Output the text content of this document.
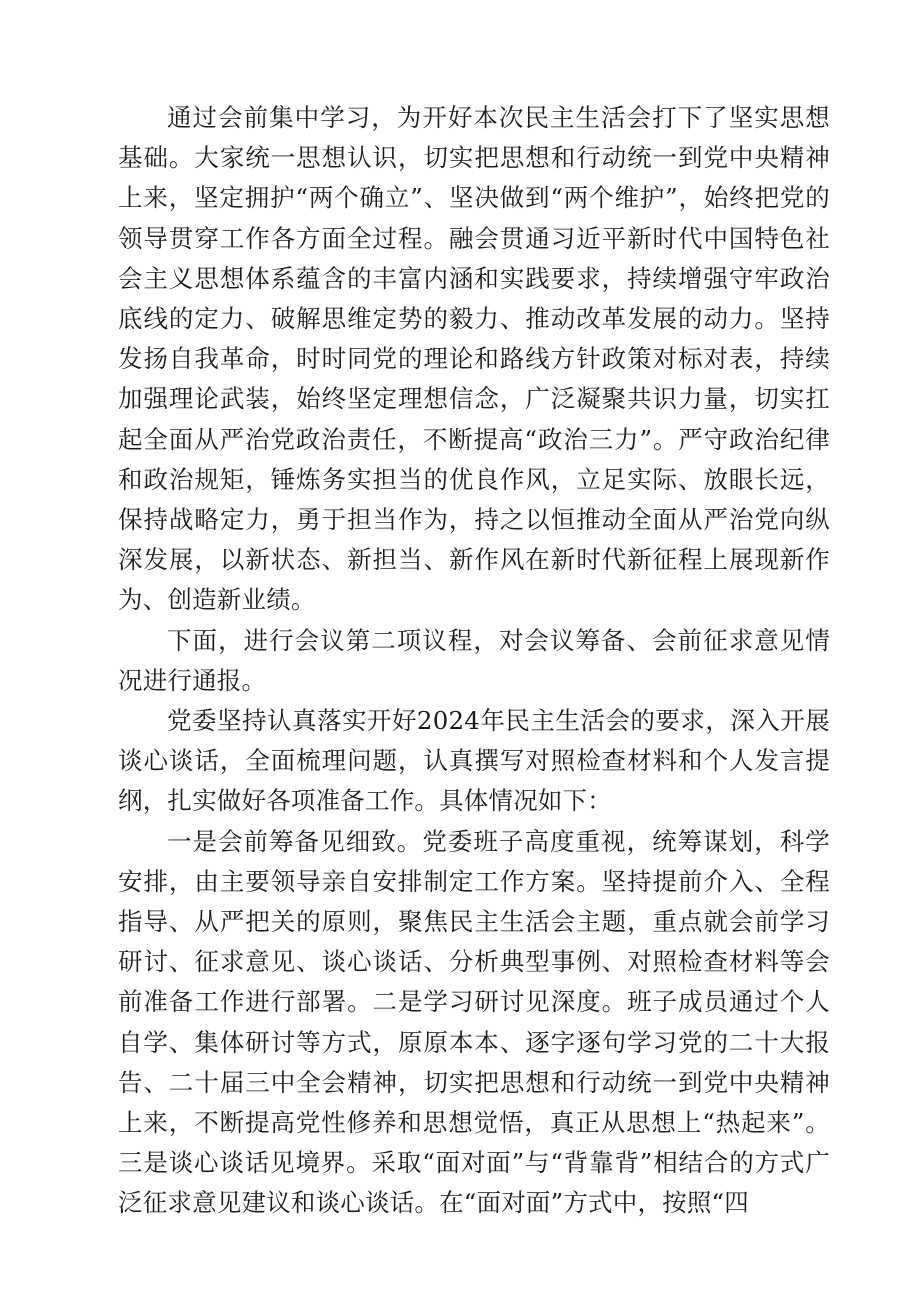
通过会前集中学习，为开好本次民主生活会打下了坚实思想基础。大家统一思想认识，切实把思想和行动统一到党中央精神上来，坚定拥护“两个确立”、坚决做到“两个维护”，始终把党的领导贯穿工作各方面全过程。融会贯通习近平新时代中国特色社会主义思想体系蕴含的丰富内涵和实践要求，持续增强守牢政治底线的定力、破解思维定势的毅力、推动改革发展的动力。坚持发扬自我革命，时时同党的理论和路线方针政策对标对表，持续加强理论武装，始终坚定理想信念，广泛凝聚共识力量，切实扛起全面从严治党政治责任，不断提高“政治三力”。严守政治纪律和政治规矩，锤炼务实担当的优良作风，立足实际、放眼长远，保持战略定力，勇于担当作为，持之以恒推动全面从严治党向纵深发展，以新状态、新担当、新作风在新时代新征程上展现新作为、创造新业绩。

下面，进行会议第二项议程，对会议筹备、会前征求意见情况进行通报。

党委坚持认真落实开好2024年民主生活会的要求，深入开展谈心谈话，全面梳理问题，认真撰写对照检查材料和个人发言提纲，扎实做好各项准备工作。具体情况如下：

一是会前筹备见细致。党委班子高度重视，统筹谋划，科学安排，由主要领导亲自安排制定工作方案。坚持提前介入、全程指导、从严把关的原则，聚焦民主生活会主题，重点就会前学习研讨、征求意见、谈心谈话、分析典型事例、对照检查材料等会前准备工作进行部署。二是学习研讨见深度。班子成员通过个人自学、集体研讨等方式，原原本本、逐字逐句学习党的二十大报告、二十届三中全会精神，切实把思想和行动统一到党中央精神上来，不断提高党性修养和思想觉悟，真正从思想上“热起来”。三是谈心谈话见境界。采取“面对面”与“背靠背”相结合的方式广泛征求意见建议和谈心谈话。在“面对面”方式中，按照“四
